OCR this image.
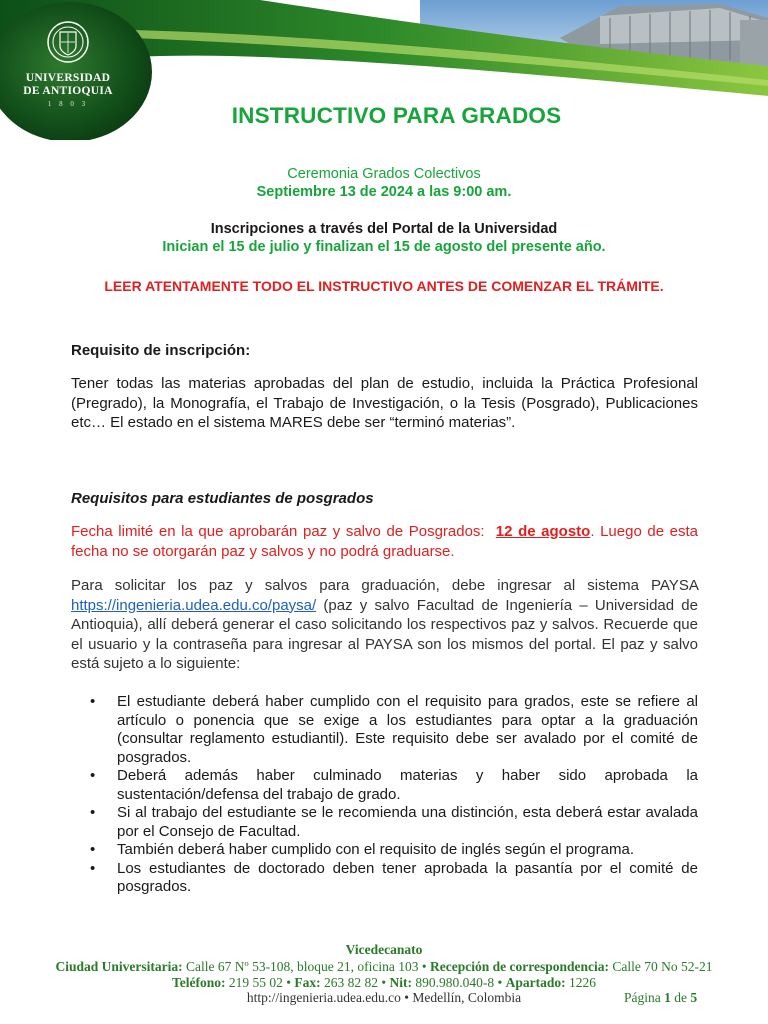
UNIVERSIDAD
DE ANTIOQUIA
1 8 0 3	INSTRUCTIVO PARA GRADOS
Ceremonia Grados Colectivos
Septiembre 13 de 2024 a las 9:00 am.
Inscripciones a través del Portal de la Universidad
Inician el 15 de julio y finalizan el 15 de agosto del presente año.
LEER ATENTAMENTE TODO EL INSTRUCTIVO ANTES DE COMENZAR EL TRÁMITE.
Requisito de inscripción:
Tener todas las materias aprobadas del plan de estudio, incluida la Práctica Profesional (Pregrado), la Monografía, el Trabajo de Investigación, o la Tesis (Posgrado), Publicaciones etc… El estado en el sistema MARES debe ser “terminó materias”.
Requisitos para estudiantes de posgrados
Fecha limité en la que aprobarán paz y salvo de Posgrados: 12 de agosto. Luego de esta fecha no se otorgarán paz y salvos y no podrá graduarse.
Para solicitar los paz y salvos para graduación, debe ingresar al sistema PAYSA https://ingenieria.udea.edu.co/paysa/ (paz y salvo Facultad de Ingeniería – Universidad de Antioquia), allí deberá generar el caso solicitando los respectivos paz y salvos. Recuerde que el usuario y la contraseña para ingresar al PAYSA son los mismos del portal. El paz y salvo está sujeto a lo siguiente:
• El estudiante deberá haber cumplido con el requisito para grados, este se refiere al artículo o ponencia que se exige a los estudiantes para optar a la graduación (consultar reglamento estudiantil). Este requisito debe ser avalado por el comité de posgrados.
• Deberá además haber culminado materias y haber sido aprobada la sustentación/defensa del trabajo de grado.
• Si al trabajo del estudiante se le recomienda una distinción, esta deberá estar avalada por el Consejo de Facultad.
• También deberá haber cumplido con el requisito de inglés según el programa.
• Los estudiantes de doctorado deben tener aprobada la pasantía por el comité de posgrados.
Vicedecanato
Ciudad Universitaria: Calle 67 Nº 53-108, bloque 21, oficina 103 • Recepción de correspondencia: Calle 70 No 52-21
Teléfono: 219 55 02 • Fax: 263 82 82 • Nit: 890.980.040-8 • Apartado: 1226
http://ingenieria.udea.edu.co • Medellín, Colombia	Página 1 de 5
